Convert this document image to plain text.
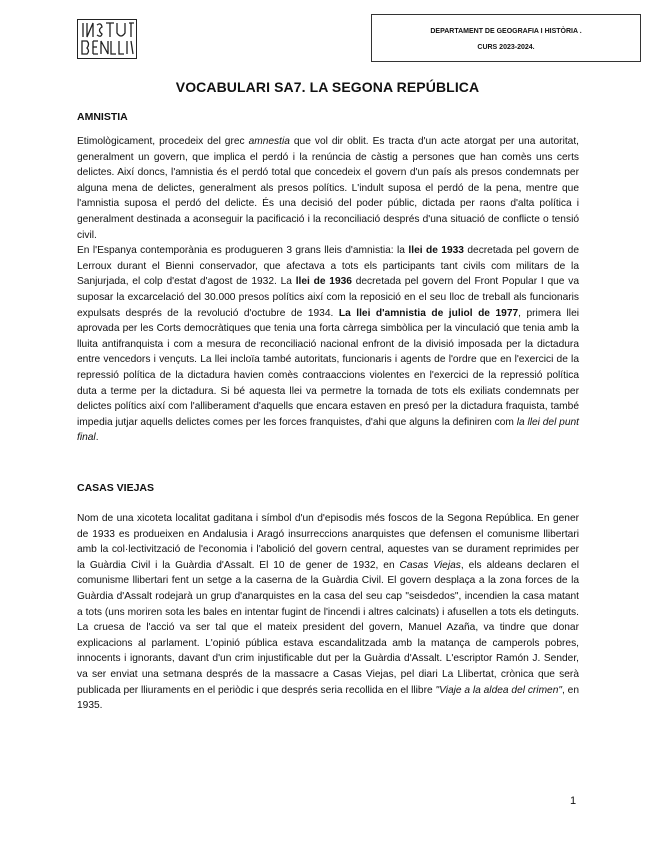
DEPARTAMENT DE GEOGRAFIA I HISTÒRIA .
CURS 2023-2024.
VOCABULARI SA7. LA SEGONA REPÚBLICA
AMNISTIA

Etimològicament, procedeix del grec amnestia que vol dir oblit. Es tracta d'un acte atorgat per una autoritat, generalment un govern, que implica el perdó i la renúncia de càstig a persones que han comès uns certs delictes. Així doncs, l'amnistia és el perdó total que concedeix el govern d'un país als presos condemnats per alguna mena de delictes, generalment als presos polítics. L'indult suposa el perdó de la pena, mentre que l'amnistia suposa el perdó del delicte. És una decisió del poder públic, dictada per raons d'alta política i generalment destinada a aconseguir la pacificació i la reconciliació després d'una situació de conflicte o tensió civil.

En l'Espanya contemporània es produgueren 3 grans lleis d'amnistia: la llei de 1933 decretada pel govern de Lerroux durant el Bienni conservador, que afectava a tots els participants tant civils com militars de la Sanjurjada, el colp d'estat d'agost de 1932. La llei de 1936 decretada pel govern del Front Popular I que va suposar la excarcelació del 30.000 presos polítics així com la reposició en el seu lloc de treball als funcionaris expulsats després de la revolució d'octubre de 1934. La llei d'amnistia de juliol de 1977, primera llei aprovada per les Corts democràtiques que tenia una forta càrrega simbòlica per la vinculació que tenia amb la lluita antifranquista i com a mesura de reconciliació nacional enfront de la divisió imposada per la dictadura entre vencedors i vençuts. La llei incloïa també autoritats, funcionaris i agents de l'ordre que en l'exercici de la repressió política de la dictadura havien comès contraaccions violentes en l'exercici de la repressió política duta a terme per la dictadura. Si bé aquesta llei va permetre la tornada de tots els exiliats condemnats per delictes polítics així com l'alliberament d'aquells que encara estaven en presó per la dictadura fraquista, també impedia jutjar aquells delictes comes per les forces franquistes, d'ahi que alguns la definiren com la llei del punt final.

CASAS VIEJAS

Nom de una xicoteta localitat gaditana i símbol d'un d'episodis més foscos de la Segona República. En gener de 1933 es produeixen en Andalusia i Aragó insurreccions anarquistes que defensen el comunisme llibertari amb la col·lectivització de l'economia i l'abolició del govern central, aquestes van se durament reprimides per la Guàrdia Civil i la Guàrdia d'Assalt. El 10 de gener de 1932, en Casas Viejas, els aldeans declaren el comunisme llibertari fent un setge a la caserna de la Guàrdia Civil. El govern desplaça a la zona forces de la Guàrdia d'Assalt rodejarà un grup d'anarquistes en la casa del seu cap "seisdedos", incendien la casa matant a tots (uns moriren sota les bales en intentar fugint de l'incendi i altres calcinats) i afusellen a tots els detinguts. La cruesa de l'acció va ser tal que el mateix president del govern, Manuel Azaña, va tindre que donar explicacions al parlament. L'opinió pública estava escandalitzada amb la matança de camperols pobres, innocents i ignorants, davant d'un crim injustificable dut per la Guàrdia d'Assalt. L'escriptor Ramón J. Sender, va ser enviat una setmana després de la massacre a Casas Viejas, pel diari La Llibertat, crònica que serà publicada per lliuraments en el periòdic i que després seria recollida en el llibre "Viaje a la aldea del crimen", en 1935.

1
